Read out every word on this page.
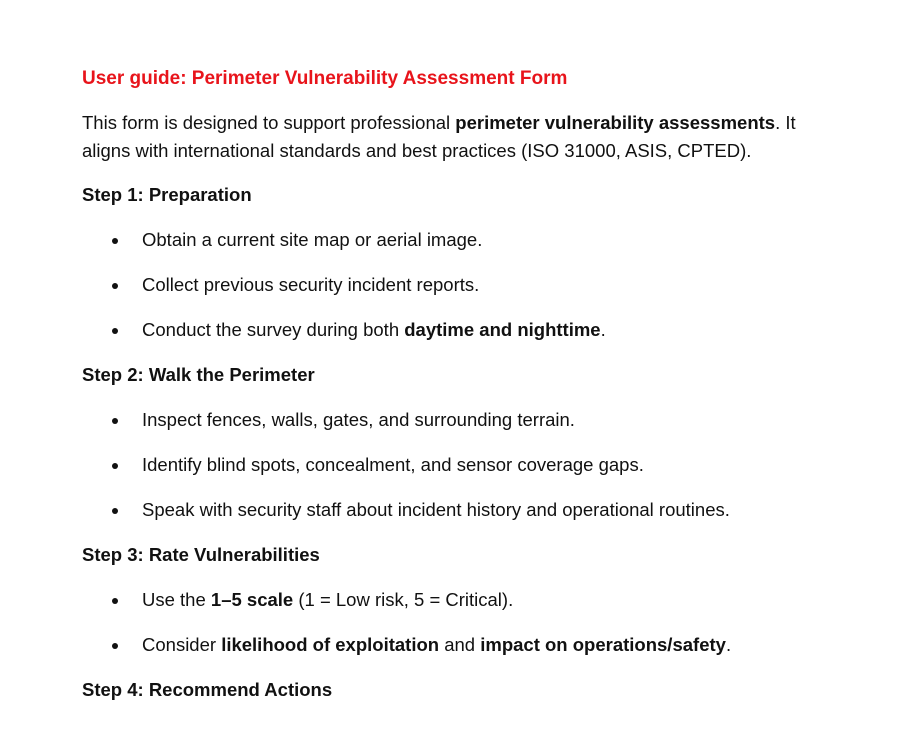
User guide: Perimeter Vulnerability Assessment Form

This form is designed to support professional perimeter vulnerability assessments. It aligns with international standards and best practices (ISO 31000, ASIS, CPTED).

Step 1: Preparation
Obtain a current site map or aerial image.
Collect previous security incident reports.
Conduct the survey during both daytime and nighttime.
Step 2: Walk the Perimeter
Inspect fences, walls, gates, and surrounding terrain.
Identify blind spots, concealment, and sensor coverage gaps.
Speak with security staff about incident history and operational routines.
Step 3: Rate Vulnerabilities
Use the 1–5 scale (1 = Low risk, 5 = Critical).
Consider likelihood of exploitation and impact on operations/safety.
Step 4: Recommend Actions
